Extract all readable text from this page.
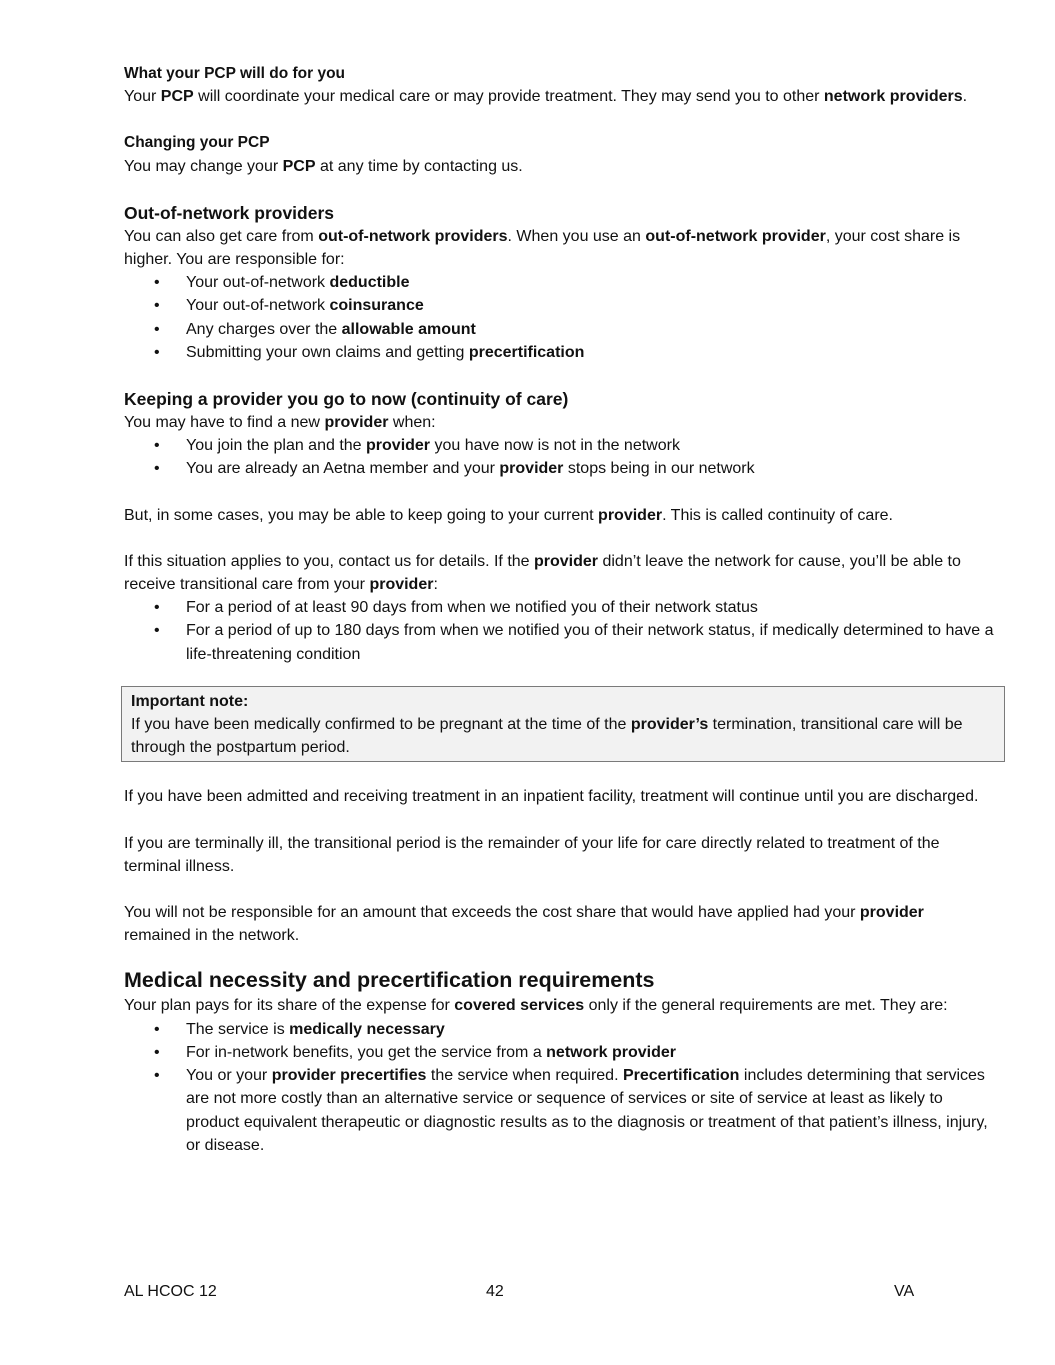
What your PCP will do for you

Your PCP will coordinate your medical care or may provide treatment. They may send you to other network providers.

Changing your PCP

You may change your PCP at any time by contacting us.

Out-of-network providers

You can also get care from out-of-network providers. When you use an out-of-network provider, your cost share is higher. You are responsible for:

• Your out-of-network deductible
• Your out-of-network coinsurance
• Any charges over the allowable amount
• Submitting your own claims and getting precertification

Keeping a provider you go to now (continuity of care)

You may have to find a new provider when:

• You join the plan and the provider you have now is not in the network
• You are already an Aetna member and your provider stops being in our network

But, in some cases, you may be able to keep going to your current provider. This is called continuity of care.

If this situation applies to you, contact us for details. If the provider didn’t leave the network for cause, you’ll be able to receive transitional care from your provider:

• For a period of at least 90 days from when we notified you of their network status
• For a period of up to 180 days from when we notified you of their network status, if medically determined to have a life-threatening condition

Important note:

If you have been medically confirmed to be pregnant at the time of the provider’s termination, transitional care will be through the postpartum period.

If you have been admitted and receiving treatment in an inpatient facility, treatment will continue until you are discharged.

If you are terminally ill, the transitional period is the remainder of your life for care directly related to treatment of the terminal illness.

You will not be responsible for an amount that exceeds the cost share that would have applied had your provider remained in the network.

Medical necessity and precertification requirements

Your plan pays for its share of the expense for covered services only if the general requirements are met. They are:

• The service is medically necessary
• For in-network benefits, you get the service from a network provider
• You or your provider precertifies the service when required. Precertification includes determining that services are not more costly than an alternative service or sequence of services or site of service at least as likely to product equivalent therapeutic or diagnostic results as to the diagnosis or treatment of that patient’s illness, injury, or disease.
AL HCOC 12	42	VA
